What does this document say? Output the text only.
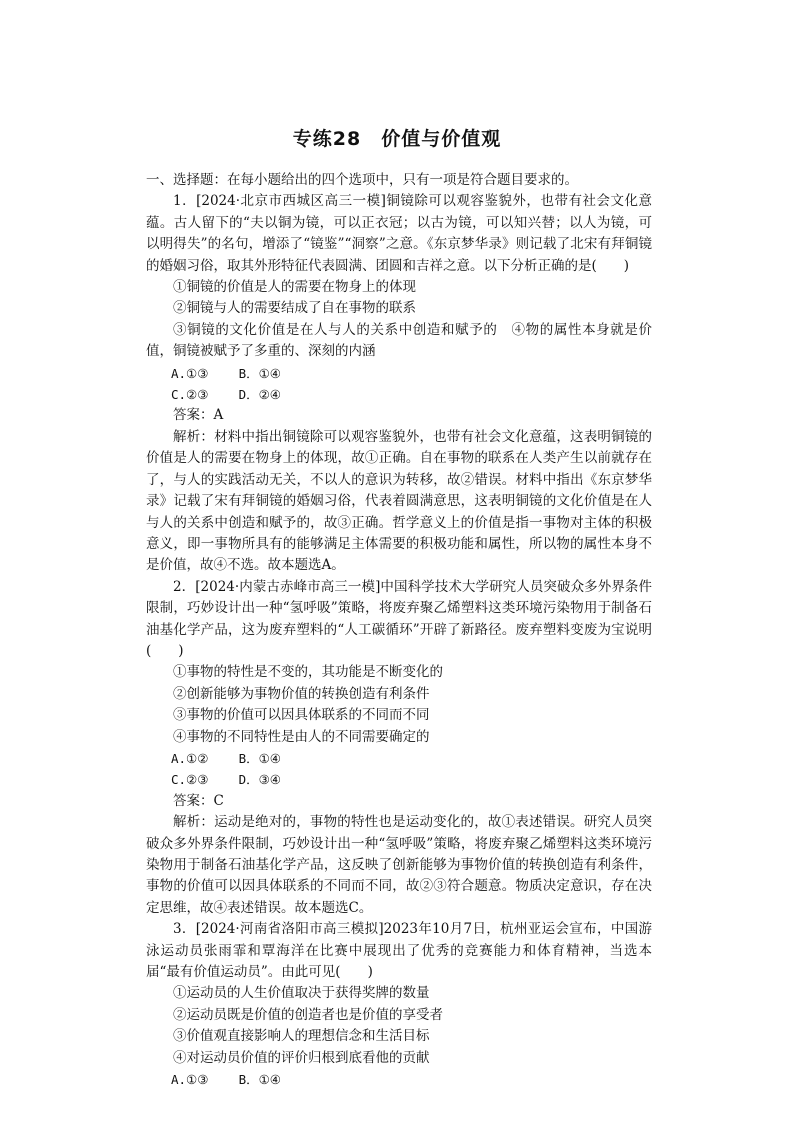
专练28　价值与价值观

一、选择题：在每小题给出的四个选项中，只有一项是符合题目要求的。

1．[2024·北京市西城区高三一模]铜镜除可以观容鉴貌外，也带有社会文化意蕴。古人留下的“夫以铜为镜，可以正衣冠；以古为镜，可以知兴替；以人为镜，可以明得失”的名句，增添了“镜鉴”“洞察”之意。《东京梦华录》则记载了北宋有拜铜镜的婚姻习俗，取其外形特征代表圆满、团圆和吉祥之意。以下分析正确的是(　　)

①铜镜的价值是人的需要在物身上的体现

②铜镜与人的需要结成了自在事物的联系

③铜镜的文化价值是在人与人的关系中创造和赋予的　④物的属性本身就是价值，铜镜被赋予了多重的、深刻的内涵

A.①③    B．①④

C.②③    D．②④

答案：A

解析：材料中指出铜镜除可以观容鉴貌外，也带有社会文化意蕴，这表明铜镜的价值是人的需要在物身上的体现，故①正确。自在事物的联系在人类产生以前就存在了，与人的实践活动无关，不以人的意识为转移，故②错误。材料中指出《东京梦华录》记载了宋有拜铜镜的婚姻习俗，代表着圆满意思，这表明铜镜的文化价值是在人与人的关系中创造和赋予的，故③正确。哲学意义上的价值是指一事物对主体的积极意义，即一事物所具有的能够满足主体需要的积极功能和属性，所以物的属性本身不是价值，故④不选。故本题选A。

2．[2024·内蒙古赤峰市高三一模]中国科学技术大学研究人员突破众多外界条件限制，巧妙设计出一种“氢呼吸”策略，将废弃聚乙烯塑料这类环境污染物用于制备石油基化学产品，这为废弃塑料的“人工碳循环”开辟了新路径。废弃塑料变废为宝说明(　　)

①事物的特性是不变的，其功能是不断变化的

②创新能够为事物价值的转换创造有利条件

③事物的价值可以因具体联系的不同而不同

④事物的不同特性是由人的不同需要确定的

A.①②    B．①④

C.②③    D．③④

答案：C

解析：运动是绝对的，事物的特性也是运动变化的，故①表述错误。研究人员突破众多外界条件限制，巧妙设计出一种“氢呼吸”策略，将废弃聚乙烯塑料这类环境污染物用于制备石油基化学产品，这反映了创新能够为事物价值的转换创造有利条件，事物的价值可以因具体联系的不同而不同，故②③符合题意。物质决定意识，存在决定思维，故④表述错误。故本题选C。

3．[2024·河南省洛阳市高三模拟]2023年10月7日，杭州亚运会宣布，中国游泳运动员张雨霏和覃海洋在比赛中展现出了优秀的竞赛能力和体育精神，当选本届“最有价值运动员”。由此可见(　　)

①运动员的人生价值取决于获得奖牌的数量

②运动员既是价值的创造者也是价值的享受者

③价值观直接影响人的理想信念和生活目标

④对运动员价值的评价归根到底看他的贡献

A.①③    B．①④
